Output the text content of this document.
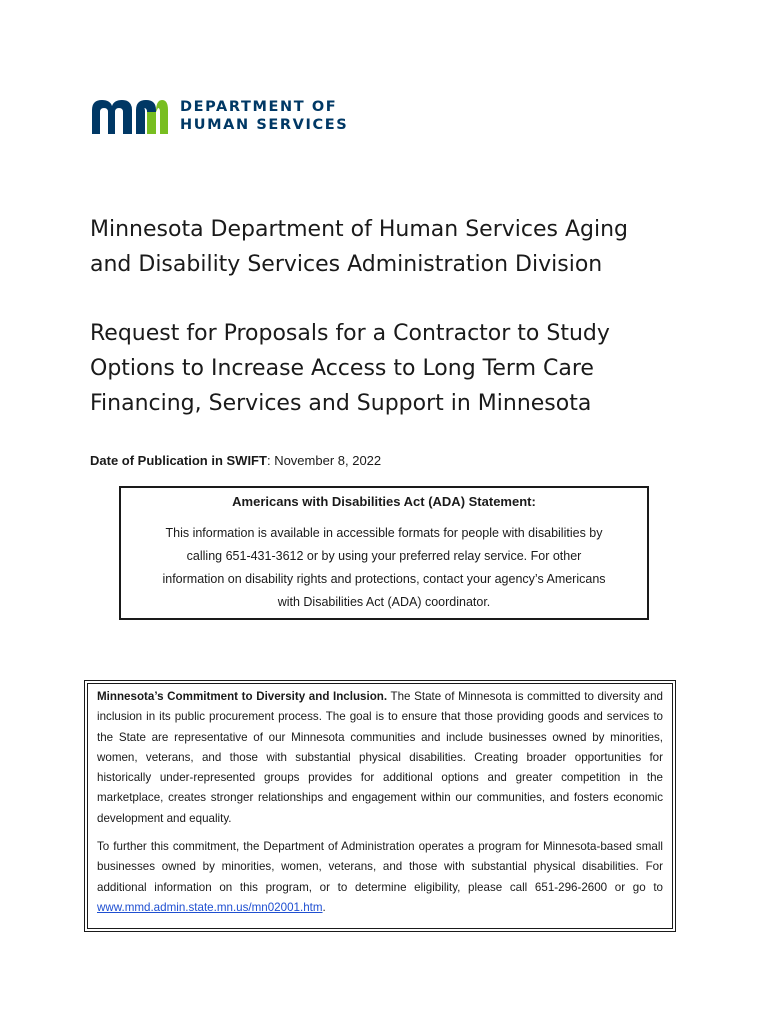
DEPARTMENT OF
HUMAN SERVICES
Minnesota Department of Human Services Aging
and Disability Services Administration Division
Request for Proposals for a Contractor to Study
Options to Increase Access to Long Term Care
Financing, Services and Support in Minnesota
Date of Publication in SWIFT: November 8, 2022

Americans with Disabilities Act (ADA) Statement:

This information is available in accessible formats for people with disabilities by
calling 651-431-3612 or by using your preferred relay service. For other
information on disability rights and protections, contact your agency’s Americans
with Disabilities Act (ADA) coordinator.

Minnesota’s Commitment to Diversity and Inclusion. The State of Minnesota is committed to diversity and inclusion in its public procurement process. The goal is to ensure that those providing goods and services to the State are representative of our Minnesota communities and include businesses owned by minorities, women, veterans, and those with substantial physical disabilities. Creating broader opportunities for historically under-represented groups provides for additional options and greater competition in the marketplace, creates stronger relationships and engagement within our communities, and fosters economic development and equality.

To further this commitment, the Department of Administration operates a program for Minnesota-based small businesses owned by minorities, women, veterans, and those with substantial physical disabilities. For additional information on this program, or to determine eligibility, please call 651-296-2600 or go to www.mmd.admin.state.mn.us/mn02001.htm.
